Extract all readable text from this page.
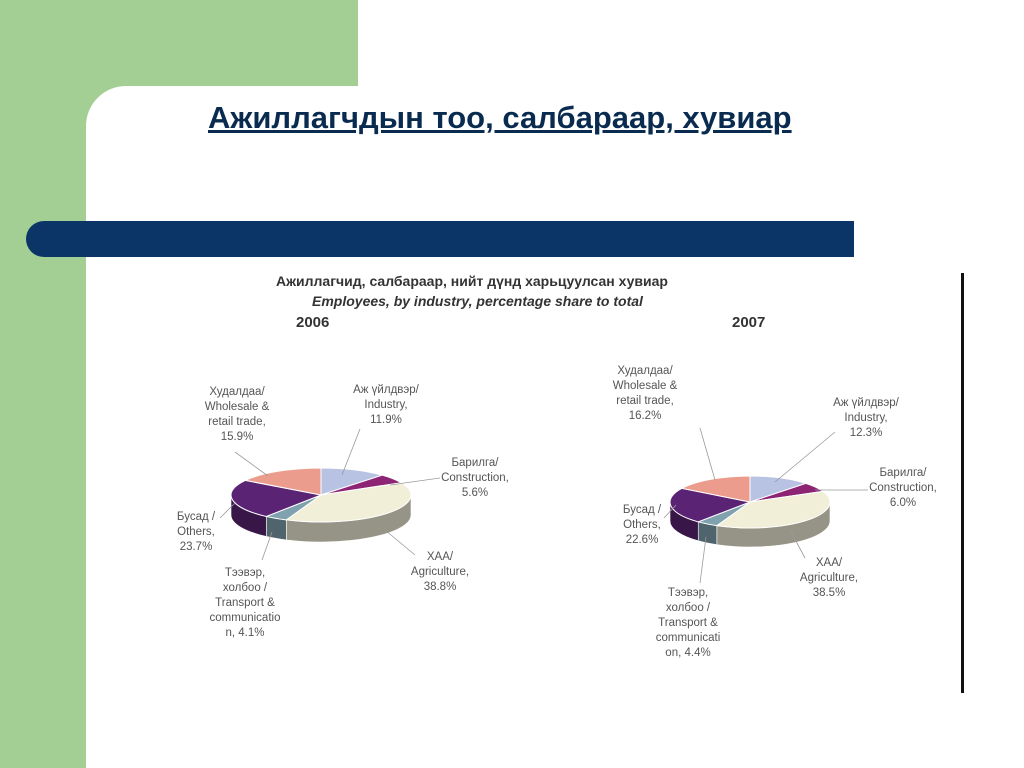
Ажиллагчдын тоо, салбараар, хувиар
Ажиллагчид, салбараар, нийт дүнд харьцуулсан хувиар
Employees, by industry, percentage share to total
2006	2007
Аж үйлдвэр/ Industry, 11.9%
Барилга/ Construction, 5.6%
ХАА/ Agriculture, 38.8%
Тээвэр, холбоо / Transport & communicatio n, 4.1%
Бусад / Others, 23.7%
Худалдаа/ Wholesale & retail trade, 15.9%
Аж үйлдвэр/ Industry, 12.3%
Барилга/ Construction, 6.0%
ХАА/ Agriculture, 38.5%
Тээвэр, холбоо / Transport & communicati on, 4.4%
Бусад / Others, 22.6%
Худалдаа/ Wholesale & retail trade, 16.2%
